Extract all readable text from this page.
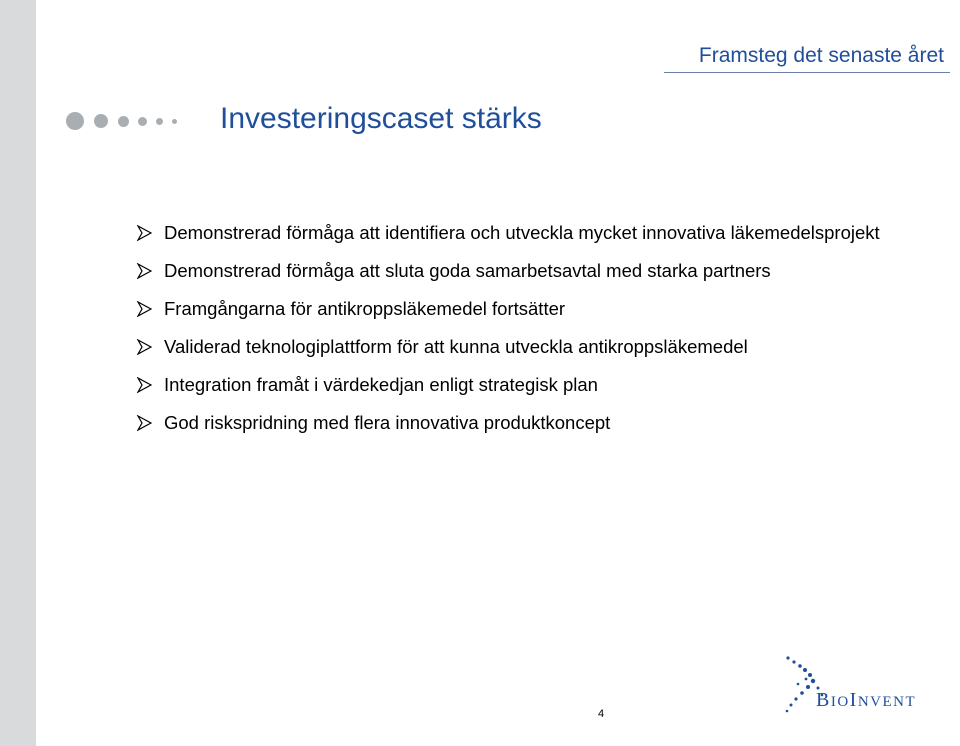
Framsteg det senaste året
Investeringscaset stärks
Demonstrerad förmåga att identifiera och utveckla mycket innovativa läkemedelsprojekt
Demonstrerad förmåga att sluta goda samarbetsavtal med starka partners
Framgångarna för antikroppsläkemedel fortsätter
Validerad teknologiplattform för att kunna utveckla antikroppsläkemedel
Integration framåt i värdekedjan enligt strategisk plan
God riskspridning med flera innovativa produktkoncept
4
BIOINVENT
